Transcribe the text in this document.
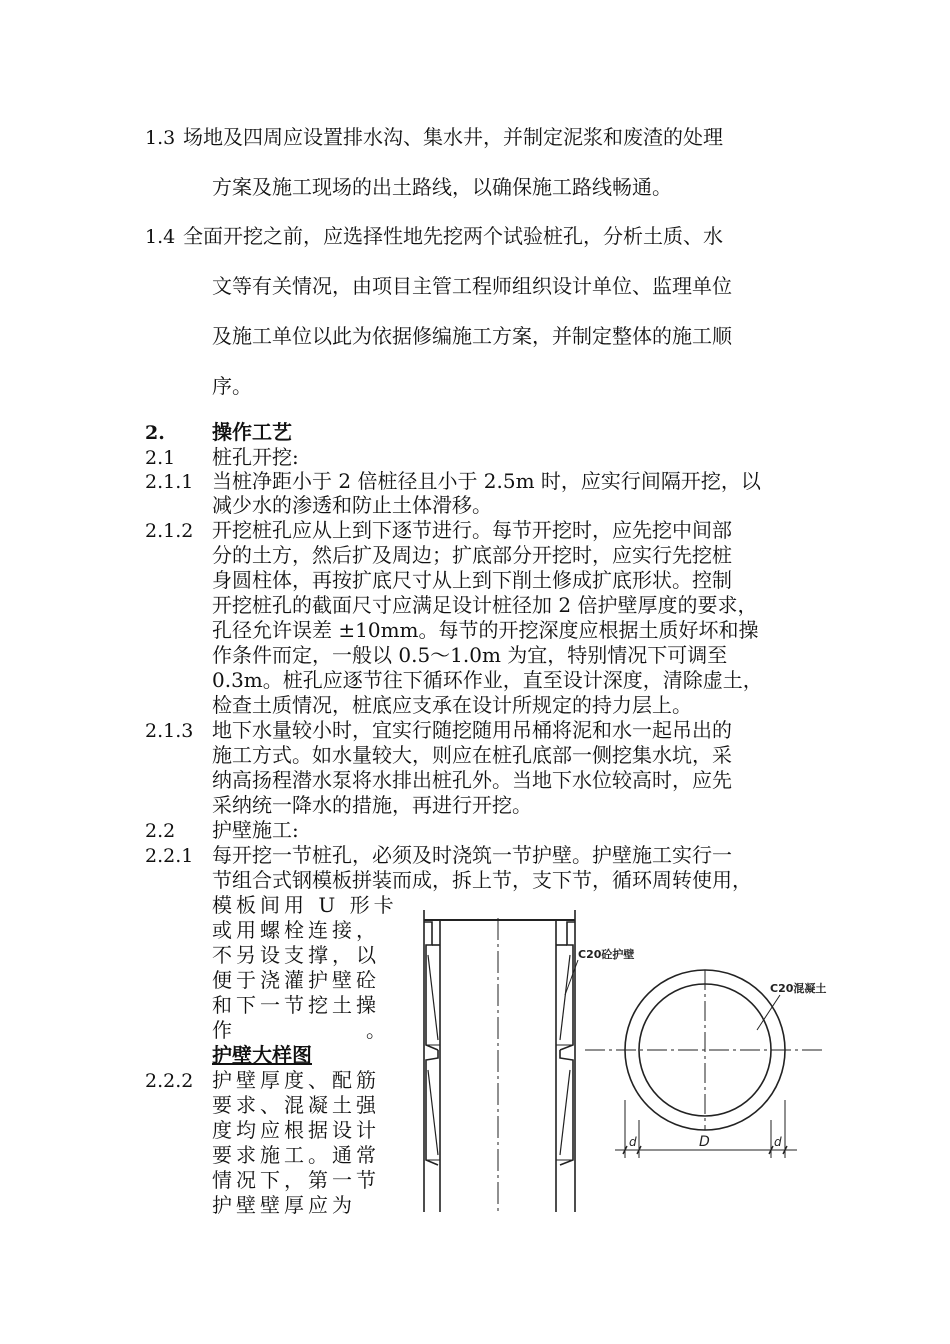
1.3 场地及四周应设置排水沟、集水井，并制定泥浆和废渣的处理
方案及施工现场的出土路线，以确保施工路线畅通。
1.4 全面开挖之前，应选择性地先挖两个试验桩孔，分析土质、水
文等有关情况，由项目主管工程师组织设计单位、监理单位
及施工单位以此为依据修编施工方案，并制定整体的施工顺
序。
2. 操作工艺
2.1 桩孔开挖:
2.1.1 当桩净距小于 2 倍桩径且小于 2.5m 时，应实行间隔开挖，以
减少水的渗透和防止土体滑移。
2.1.2 开挖桩孔应从上到下逐节进行。每节开挖时，应先挖中间部
分的土方，然后扩及周边；扩底部分开挖时，应实行先挖桩
身圆柱体，再按扩底尺寸从上到下削土修成扩底形状。控制
开挖桩孔的截面尺寸应满足设计桩径加 2 倍护壁厚度的要求，
孔径允许误差 ±10mm。每节的开挖深度应根据土质好坏和操
作条件而定，一般以 0.5～1.0m 为宜，特别情况下可调至
0.3m。桩孔应逐节往下循环作业，直至设计深度，清除虚土，
检查土质情况，桩底应支承在设计所规定的持力层上。
2.1.3 地下水量较小时，宜实行随挖随用吊桶将泥和水一起吊出的
施工方式。如水量较大，则应在桩孔底部一侧挖集水坑，采
纳高扬程潜水泵将水排出桩孔外。当地下水位较高时，应先
采纳统一降水的措施，再进行开挖。
2.2 护壁施工:
2.2.1 每开挖一节桩孔，必须及时浇筑一节护壁。护壁施工实行一
节组合式钢模板拼装而成，拆上节，支下节，循环周转使用，
模板间用 U 形卡
或用螺栓连接，
不另设支撑，以
便于浇灌护壁砼
和下一节挖土操
作	。
护壁大样图
2.2.2 护壁厚度、配筋
要求、混凝土强
度均应根据设计
要求施工。通常
情况下，第一节
护壁壁厚应为
C20砼护壁
C20混凝土
d	D	d
